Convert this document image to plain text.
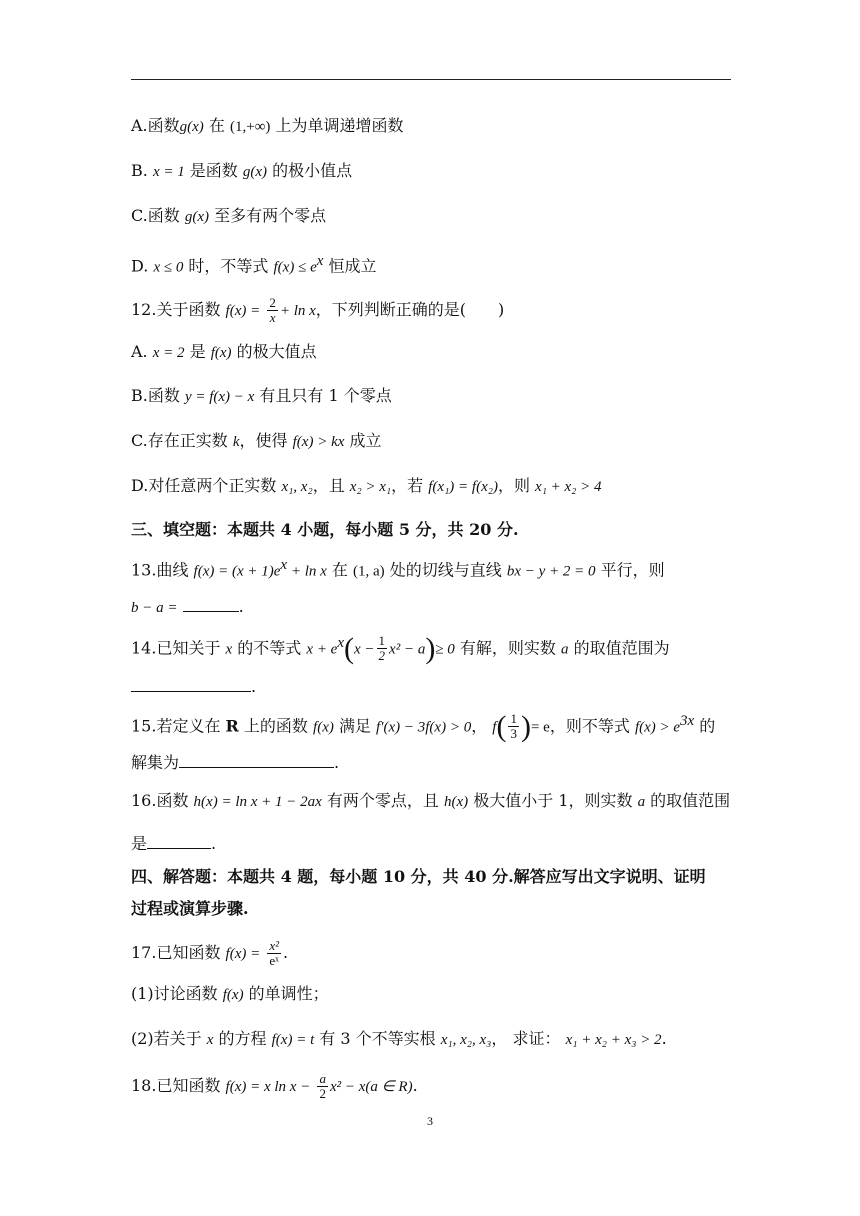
A.函数g(x) 在 (1,+∞) 上为单调递增函数
B. x = 1 是函数 g(x) 的极小值点
C.函数 g(x) 至多有两个零点
D. x ≤ 0 时，不等式 $f(x) \le e^x$ 恒成立
12.关于函数 $f(x) = \frac{2}{x} + \ln x$，下列判断正确的是(　　)
A. x = 2 是 f(x) 的极大值点
B.函数 y = f(x) − x 有且只有 1 个零点
C.存在正实数 k，使得 f(x) > kx 成立
D.对任意两个正实数 x₁, x₂，且 x₂ > x₁，若 f(x₁) = f(x₂)，则 x₁ + x₂ > 4
三、填空题：本题共 4 小题，每小题 5 分，共 20 分.
13.曲线 $f(x) = (x + 1)e^x + \ln x$ 在 (1, a) 处的切线与直线 bx − y + 2 = 0 平行，则
b − a =	.
14.已知关于 x 的不等式 $x + e^x(x - \frac{1}{2} x^2 - a)\ge 0$ 有解，则实数 a 的取值范围为
.
15.若定义在 R 上的函数 f(x) 满足 f′(x) − 3f(x) > 0， $f( \frac{1}{3}$ )= e，则不等式 $f(x) > e^{3x}$ 的
解集为	.
16.函数 h(x) = ln x + 1 − 2ax 有两个零点，且 h(x) 极大值小于 1，则实数 a 的取值范围
是	.
四、解答题：本题共 4 题，每小题 10 分，共 40 分.解答应写出文字说明、证明
过程或演算步骤.
17.已知函数 $f(x) = \frac{\text{x²}}{\text{eˣ}}$ .
(1)讨论函数 f(x) 的单调性；
(2)若关于 x 的方程 f(x) = t 有 3 个不等实根 x₁, x₂, x₃， 求证： x₁ + x₂ + x₃ > 2.
18.已知函数 f(x) = x $\ln x - \frac{a}{2} x^2 - x(a$ ∈ R).
3
